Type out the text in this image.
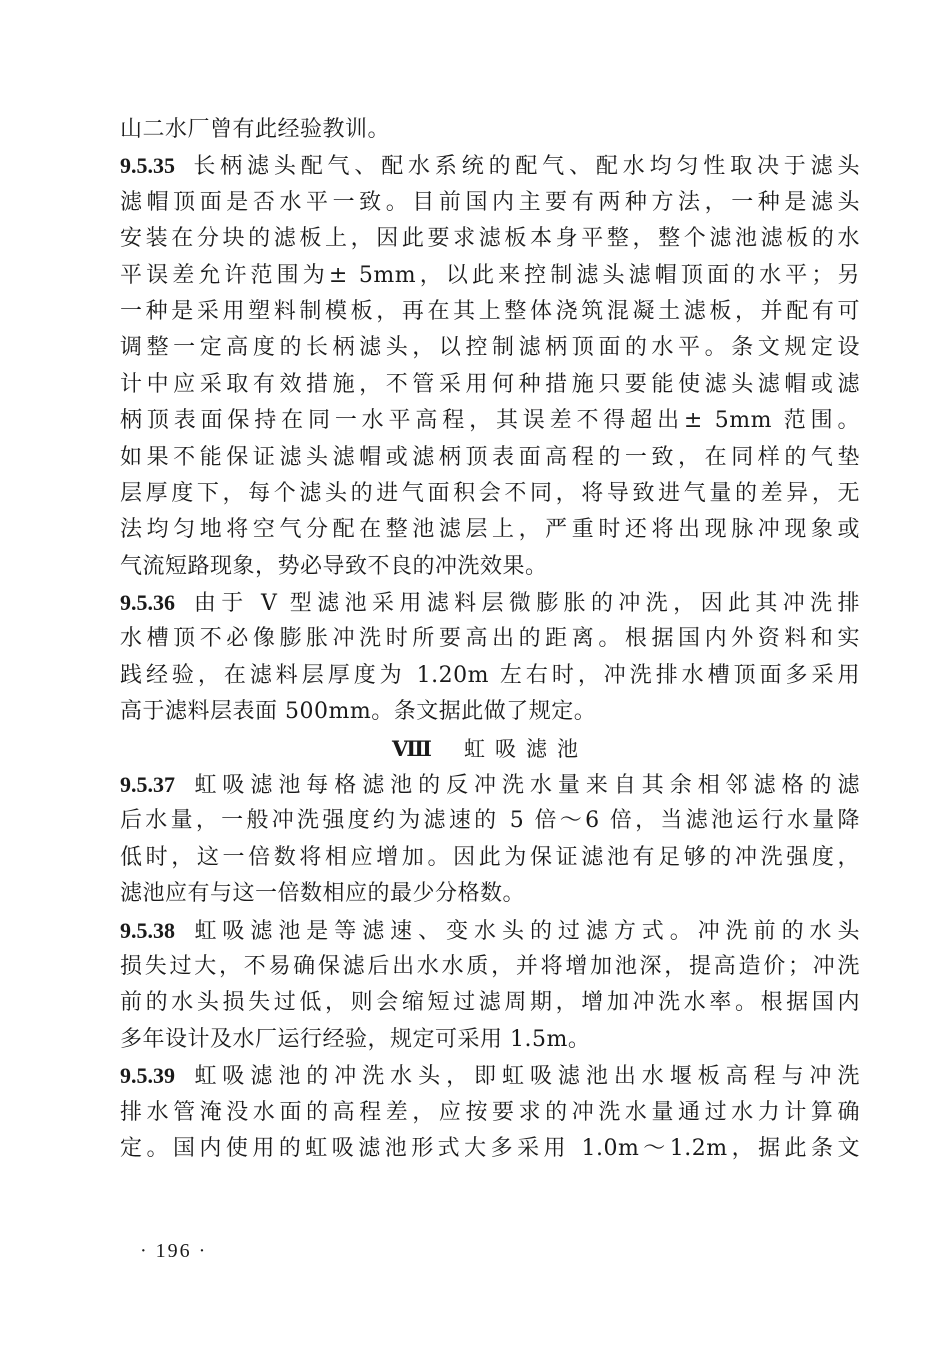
山二水厂曾有此经验教训。
9.5.35 长柄滤头配气、配水系统的配气、配水均匀性取决于滤头
滤帽顶面是否水平一致。目前国内主要有两种方法，一种是滤头
安装在分块的滤板上，因此要求滤板本身平整，整个滤池滤板的水
平误差允许范围为± 5mm，以此来控制滤头滤帽顶面的水平；另
一种是采用塑料制模板，再在其上整体浇筑混凝土滤板，并配有可
调整一定高度的长柄滤头，以控制滤柄顶面的水平。条文规定设
计中应采取有效措施，不管采用何种措施只要能使滤头滤帽或滤
柄顶表面保持在同一水平高程，其误差不得超出± 5mm 范围。
如果不能保证滤头滤帽或滤柄顶表面高程的一致，在同样的气垫
层厚度下，每个滤头的进气面积会不同，将导致进气量的差异，无
法均匀地将空气分配在整池滤层上，严重时还将出现脉冲现象或
气流短路现象，势必导致不良的冲洗效果。
9.5.36 由于 V 型滤池采用滤料层微膨胀的冲洗，因此其冲洗排
水槽顶不必像膨胀冲洗时所要高出的距离。根据国内外资料和实
践经验，在滤料层厚度为 1.20m 左右时，冲洗排水槽顶面多采用
高于滤料层表面 500mm。条文据此做了规定。
Ⅷ 虹吸滤池
9.5.37 虹吸滤池每格滤池的反冲洗水量来自其余相邻滤格的滤
后水量，一般冲洗强度约为滤速的 5 倍～6 倍，当滤池运行水量降
低时，这一倍数将相应增加。因此为保证滤池有足够的冲洗强度，
滤池应有与这一倍数相应的最少分格数。
9.5.38 虹吸滤池是等滤速、变水头的过滤方式。冲洗前的水头
损失过大，不易确保滤后出水水质，并将增加池深，提高造价；冲洗
前的水头损失过低，则会缩短过滤周期，增加冲洗水率。根据国内
多年设计及水厂运行经验，规定可采用 1.5m。
9.5.39 虹吸滤池的冲洗水头，即虹吸滤池出水堰板高程与冲洗
排水管淹没水面的高程差，应按要求的冲洗水量通过水力计算确
定。国内使用的虹吸滤池形式大多采用 1.0m～1.2m，据此条文
· 196 ·
